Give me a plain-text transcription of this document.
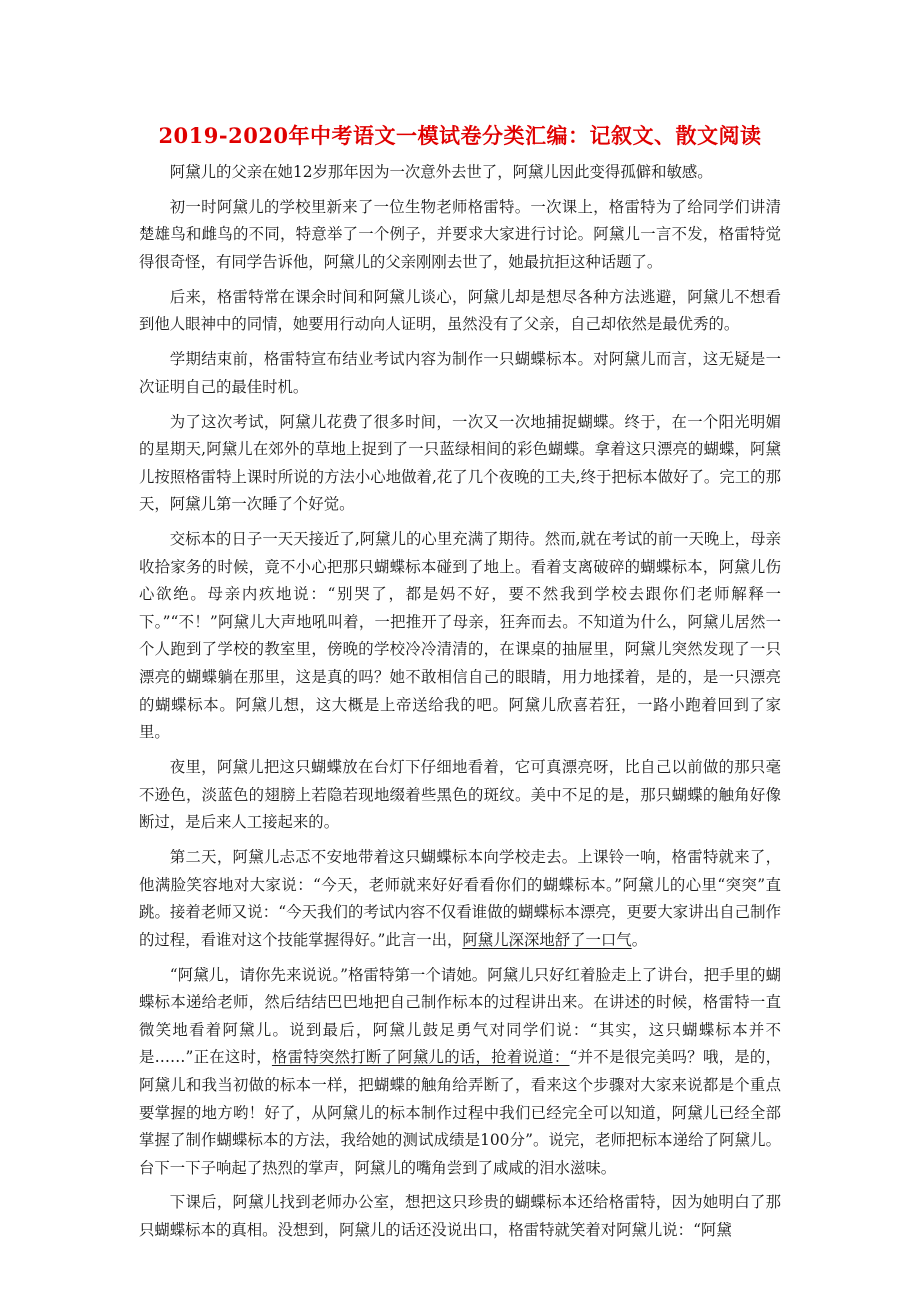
2019-2020年中考语文一模试卷分类汇编：记叙文、散文阅读

阿黛儿的父亲在她12岁那年因为一次意外去世了，阿黛儿因此变得孤僻和敏感。

初一时阿黛儿的学校里新来了一位生物老师格雷特。一次课上，格雷特为了给同学们讲清楚雄鸟和雌鸟的不同，特意举了一个例子，并要求大家进行讨论。阿黛儿一言不发，格雷特觉得很奇怪，有同学告诉他，阿黛儿的父亲刚刚去世了，她最抗拒这种话题了。

后来，格雷特常在课余时间和阿黛儿谈心，阿黛儿却是想尽各种方法逃避，阿黛儿不想看到他人眼神中的同情，她要用行动向人证明，虽然没有了父亲，自己却依然是最优秀的。

学期结束前，格雷特宣布结业考试内容为制作一只蝴蝶标本。对阿黛儿而言，这无疑是一次证明自己的最佳时机。

为了这次考试，阿黛儿花费了很多时间，一次又一次地捕捉蝴蝶。终于，在一个阳光明媚的星期天,阿黛儿在郊外的草地上捉到了一只蓝绿相间的彩色蝴蝶。拿着这只漂亮的蝴蝶，阿黛儿按照格雷特上课时所说的方法小心地做着,花了几个夜晚的工夫,终于把标本做好了。完工的那天，阿黛儿第一次睡了个好觉。

交标本的日子一天天接近了,阿黛儿的心里充满了期待。然而,就在考试的前一天晚上，母亲收拾家务的时候，竟不小心把那只蝴蝶标本碰到了地上。看着支离破碎的蝴蝶标本，阿黛儿伤心欲绝。母亲内疚地说：“别哭了，都是妈不好，要不然我到学校去跟你们老师解释一下。”“不！”阿黛儿大声地吼叫着，一把推开了母亲，狂奔而去。不知道为什么，阿黛儿居然一个人跑到了学校的教室里，傍晚的学校冷冷清清的，在课桌的抽屉里，阿黛儿突然发现了一只漂亮的蝴蝶躺在那里，这是真的吗？她不敢相信自己的眼睛，用力地揉着，是的，是一只漂亮的蝴蝶标本。阿黛儿想，这大概是上帝送给我的吧。阿黛儿欣喜若狂，一路小跑着回到了家里。

夜里，阿黛儿把这只蝴蝶放在台灯下仔细地看着，它可真漂亮呀，比自己以前做的那只毫不逊色，淡蓝色的翅膀上若隐若现地缀着些黑色的斑纹。美中不足的是，那只蝴蝶的触角好像断过，是后来人工接起来的。

第二天，阿黛儿忐忑不安地带着这只蝴蝶标本向学校走去。上课铃一响，格雷特就来了，他满脸笑容地对大家说：“今天，老师就来好好看看你们的蝴蝶标本。”阿黛儿的心里“突突”直跳。接着老师又说：“今天我们的考试内容不仅看谁做的蝴蝶标本漂亮，更要大家讲出自己制作的过程，看谁对这个技能掌握得好。”此言一出，阿黛儿深深地舒了一口气。

“阿黛儿，请你先来说说。”格雷特第一个请她。阿黛儿只好红着脸走上了讲台，把手里的蝴蝶标本递给老师，然后结结巴巴地把自己制作标本的过程讲出来。在讲述的时候，格雷特一直微笑地看着阿黛儿。说到最后，阿黛儿鼓足勇气对同学们说：“其实，这只蝴蝶标本并不是……”正在这时，格雷特突然打断了阿黛儿的话，抢着说道：“并不是很完美吗？哦，是的，阿黛儿和我当初做的标本一样，把蝴蝶的触角给弄断了，看来这个步骤对大家来说都是个重点要掌握的地方哟！好了，从阿黛儿的标本制作过程中我们已经完全可以知道，阿黛儿已经全部掌握了制作蝴蝶标本的方法，我给她的测试成绩是100分”。说完，老师把标本递给了阿黛儿。台下一下子响起了热烈的掌声，阿黛儿的嘴角尝到了咸咸的泪水滋味。

下课后，阿黛儿找到老师办公室，想把这只珍贵的蝴蝶标本还给格雷特，因为她明白了那只蝴蝶标本的真相。没想到，阿黛儿的话还没说出口，格雷特就笑着对阿黛儿说：“阿黛
